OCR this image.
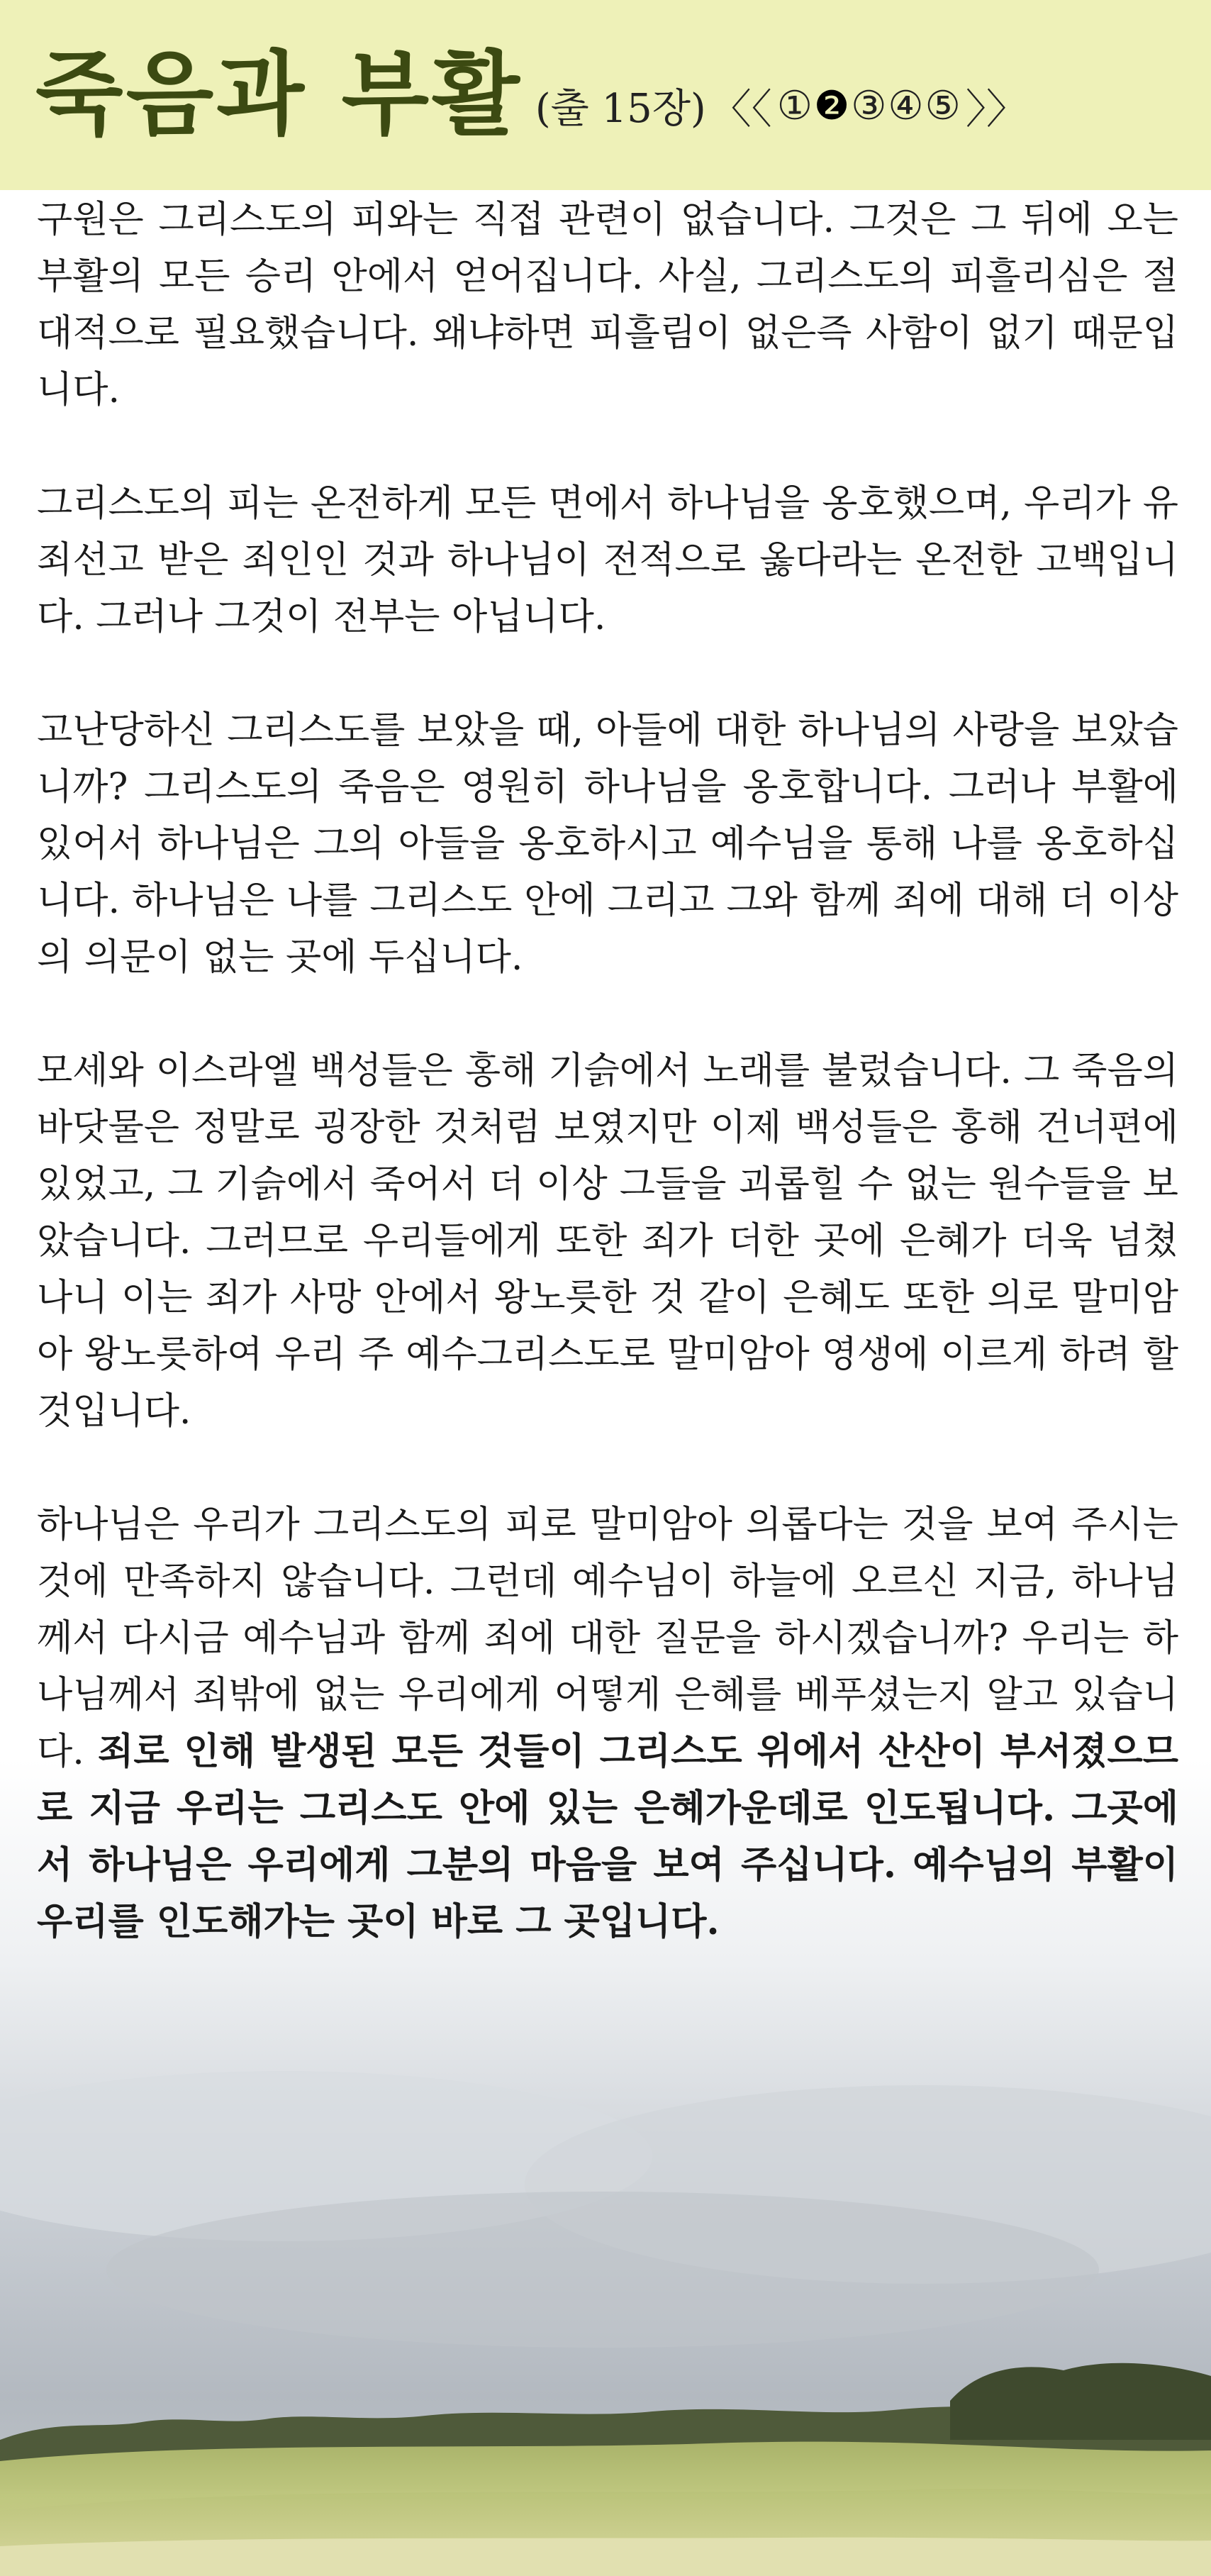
죽음과 부활 (출 15장) 〈〈 ① ❷ ③ ④ ⑤ 〉〉

구원은 그리스도의 피와는 직접 관련이 없습니다. 그것은 그 뒤에 오는 부활의 모든 승리 안에서 얻어집니다. 사실, 그리스도의 피흘리심은 절대적으로 필요했습니다. 왜냐하면 피흘림이 없은즉 사함이 없기 때문입니다.

그리스도의 피는 온전하게 모든 면에서 하나님을 옹호했으며, 우리가 유죄선고 받은 죄인인 것과 하나님이 전적으로 옳다라는 온전한 고백입니다. 그러나 그것이 전부는 아닙니다.

고난당하신 그리스도를 보았을 때, 아들에 대한 하나님의 사랑을 보았습니까? 그리스도의 죽음은 영원히 하나님을 옹호합니다. 그러나 부활에 있어서 하나님은 그의 아들을 옹호하시고 예수님을 통해 나를 옹호하십니다. 하나님은 나를 그리스도 안에 그리고 그와 함께 죄에 대해 더 이상의 의문이 없는 곳에 두십니다.

모세와 이스라엘 백성들은 홍해 기슭에서 노래를 불렀습니다. 그 죽음의 바닷물은 정말로 굉장한 것처럼 보였지만 이제 백성들은 홍해 건너편에 있었고, 그 기슭에서 죽어서 더 이상 그들을 괴롭힐 수 없는 원수들을 보았습니다. 그러므로 우리들에게 또한 죄가 더한 곳에 은혜가 더욱 넘쳤나니 이는 죄가 사망 안에서 왕노릇한 것 같이 은혜도 또한 의로 말미암아 왕노릇하여 우리 주 예수그리스도로 말미암아 영생에 이르게 하려 할 것입니다.

하나님은 우리가 그리스도의 피로 말미암아 의롭다는 것을 보여 주시는 것에 만족하지 않습니다. 그런데 예수님이 하늘에 오르신 지금, 하나님께서 다시금 예수님과 함께 죄에 대한 질문을 하시겠습니까? 우리는 하나님께서 죄밖에 없는 우리에게 어떻게 은혜를 베푸셨는지 알고 있습니다. 죄로 인해 발생된 모든 것들이 그리스도 위에서 산산이 부서졌으므로 지금 우리는 그리스도 안에 있는 은혜가운데로 인도됩니다. 그곳에서 하나님은 우리에게 그분의 마음을 보여 주십니다. 예수님의 부활이 우리를 인도해가는 곳이 바로 그 곳입니다.
